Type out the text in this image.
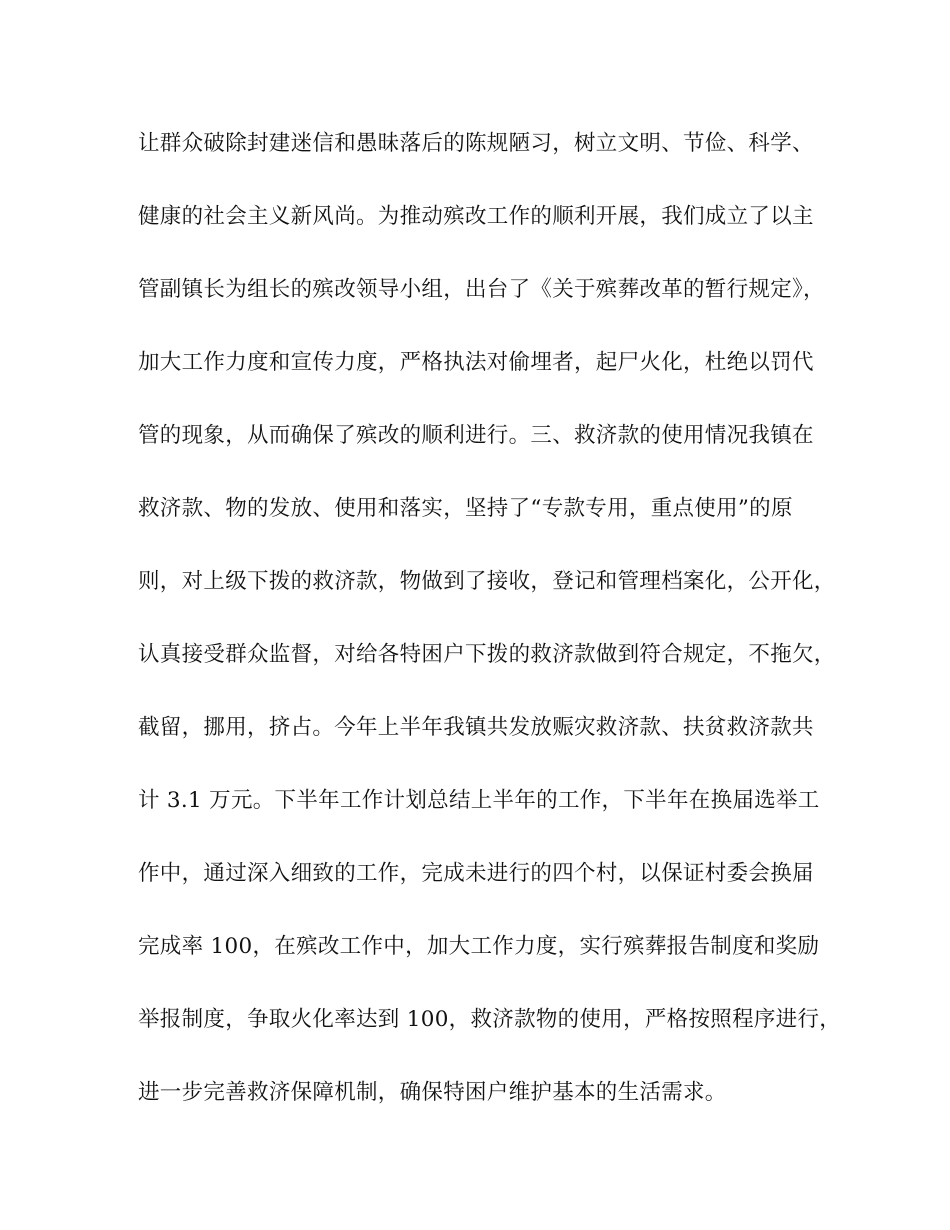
让群众破除封建迷信和愚昧落后的陈规陋习，树立文明、节俭、科学、
健康的社会主义新风尚。为推动殡改工作的顺利开展，我们成立了以主
管副镇长为组长的殡改领导小组，出台了《关于殡葬改革的暂行规定》，
加大工作力度和宣传力度，严格执法对偷埋者，起尸火化，杜绝以罚代
管的现象，从而确保了殡改的顺利进行。三、救济款的使用情况我镇在
救济款、物的发放、使用和落实，坚持了“专款专用，重点使用”的原
则，对上级下拨的救济款，物做到了接收，登记和管理档案化，公开化，
认真接受群众监督，对给各特困户下拨的救济款做到符合规定，不拖欠，
截留，挪用，挤占。今年上半年我镇共发放赈灾救济款、扶贫救济款共
计 3.1 万元。下半年工作计划总结上半年的工作，下半年在换届选举工
作中，通过深入细致的工作，完成未进行的四个村，以保证村委会换届
完成率 100，在殡改工作中，加大工作力度，实行殡葬报告制度和奖励
举报制度，争取火化率达到 100，救济款物的使用，严格按照程序进行，
进一步完善救济保障机制，确保特困户维护基本的生活需求。
